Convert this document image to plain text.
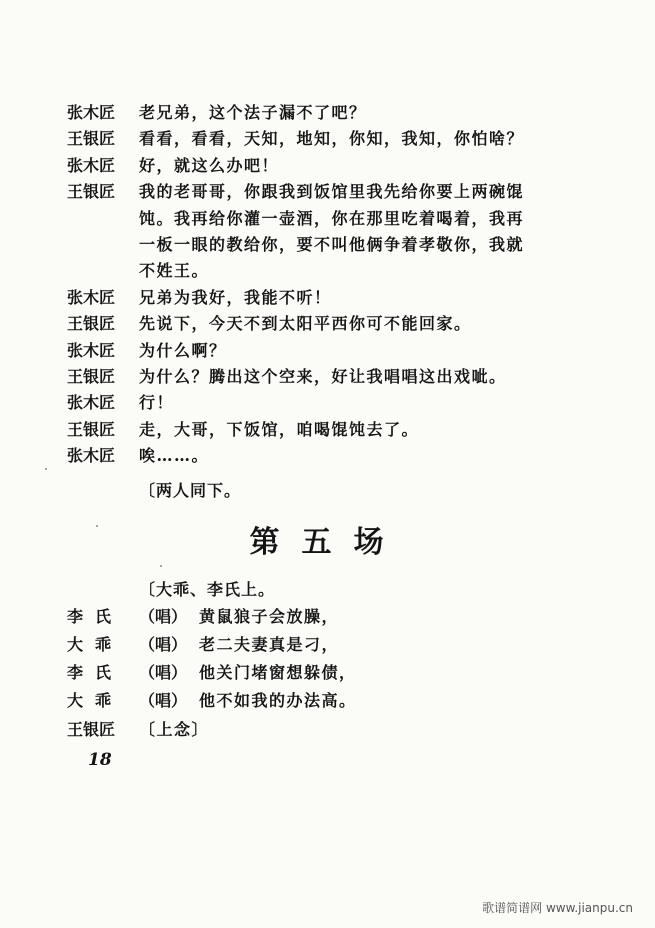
张木匠 老兄弟，这个法子漏不了吧？
王银匠 看看，看看，天知，地知，你知，我知，你怕啥？
张木匠 好，就这么办吧！
王银匠 我的老哥哥，你跟我到饭馆里我先给你要上两碗馄
饨。我再给你灌一壶酒，你在那里吃着喝着，我再
一板一眼的教给你，要不叫他俩争着孝敬你，我就
不姓王。
张木匠 兄弟为我好，我能不听！
王银匠 先说下，今天不到太阳平西你可不能回家。
张木匠 为什么啊？
王银匠 为什么？腾出这个空来，好让我唱唱这出戏呲。
张木匠 行！
王银匠 走，大哥，下饭馆，咱喝馄饨去了。
张木匠 唉……。
〔两人同下。
第五场
〔大乖、李氏上。
李氏 （唱） 黄鼠狼子会放臊，
大乖 （唱） 老二夫妻真是刁，
李氏 （唱） 他关门堵窗想躲债，
大乖 （唱） 他不如我的办法高。
王银匠 〔上念〕
18
歌谱简谱网 www.jianpu.cn
